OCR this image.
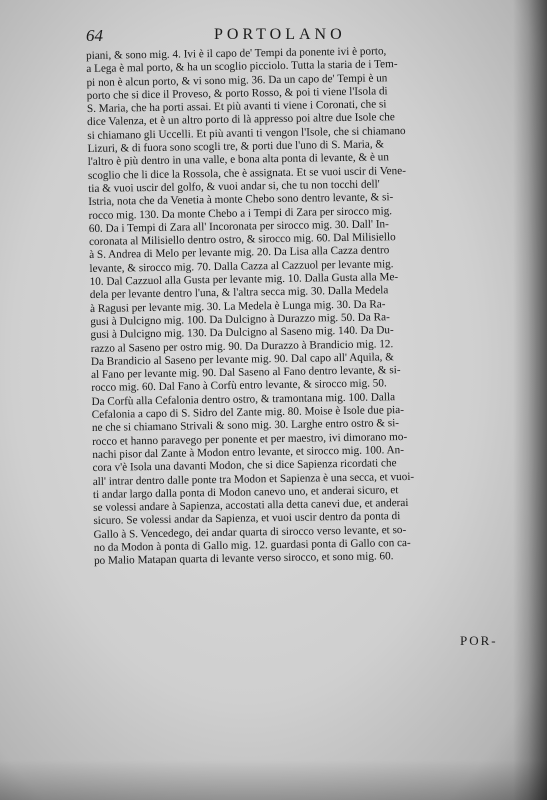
64	PORTOLANO
piani, & sono mig. 4. Ivi è il capo de' Tempi da ponente ivi è porto,
a Lega è mal porto, & ha un scoglio picciolo. Tutta la staria de i Tem-
pi non è alcun porto, & vi sono mig. 36. Da un capo de' Tempi è un
porto che si dice il Proveso, & porto Rosso, & poi ti viene l'Isola di
S. Maria, che ha porti assai. Et più avanti ti viene i Coronati, che si
dice Valenza, et è un altro porto di là appresso poi altre due Isole che
si chiamano gli Uccelli. Et più avanti ti vengon l'Isole, che si chiamano
Lizuri, & di fuora sono scogli tre, & porti due l'uno di S. Maria, &
l'altro è più dentro in una valle, e bona alta ponta di levante, & è un
scoglio che li dice la Rossola, che è assignata. Et se vuoi uscir di Vene-
tia & vuoi uscir del golfo, & vuoi andar si, che tu non tocchi dell'
Istria, nota che da Venetia à monte Chebo sono dentro levante, & si-
rocco mig. 130. Da monte Chebo a i Tempi di Zara per sirocco mig.
60. Da i Tempi di Zara all' Incoronata per sirocco mig. 30. Dall' In-
coronata al Milisiello dentro ostro, & sirocco mig. 60. Dal Milisiello
à S. Andrea di Melo per levante mig. 20. Da Lisa alla Cazza dentro
levante, & sirocco mig. 70. Dalla Cazza al Cazzuol per levante mig.
10. Dal Cazzuol alla Gusta per levante mig. 10. Dalla Gusta alla Me-
dela per levante dentro l'una, & l'altra secca mig. 30. Dalla Medela
à Ragusi per levante mig. 30. La Medela è Lunga mig. 30. Da Ra-
gusi à Dulcigno mig. 100. Da Dulcigno à Durazzo mig. 50. Da Ra-
gusi à Dulcigno mig. 130. Da Dulcigno al Saseno mig. 140. Da Du-
razzo al Saseno per ostro mig. 90. Da Durazzo à Brandicio mig. 12.
Da Brandicio al Saseno per levante mig. 90. Dal capo all' Aquila, &
al Fano per levante mig. 90. Dal Saseno al Fano dentro levante, & si-
rocco mig. 60. Dal Fano à Corfù entro levante, & sirocco mig. 50.
Da Corfù alla Cefalonia dentro ostro, & tramontana mig. 100. Dalla
Cefalonia a capo di S. Sidro del Zante mig. 80. Moise è Isole due pia-
ne che si chiamano Strivali & sono mig. 30. Larghe entro ostro & si-
rocco et hanno paravego per ponente et per maestro, ivi dimorano mo-
nachi pisor dal Zante à Modon entro levante, et sirocco mig. 100. An-
cora v'è Isola una davanti Modon, che si dice Sapienza ricordati che
all' intrar dentro dalle ponte tra Modon et Sapienza è una secca, et vuoi-
ti andar largo dalla ponta di Modon canevo uno, et anderai sicuro, et
se volessi andare à Sapienza, accostati alla detta canevi due, et anderai
sicuro. Se volessi andar da Sapienza, et vuoi uscir dentro da ponta di
Gallo à S. Vencedego, dei andar quarta di sirocco verso levante, et so-
no da Modon à ponta di Gallo mig. 12. guardasi ponta di Gallo con ca-
po Malio Matapan quarta di levante verso sirocco, et sono mig. 60.
POR-
